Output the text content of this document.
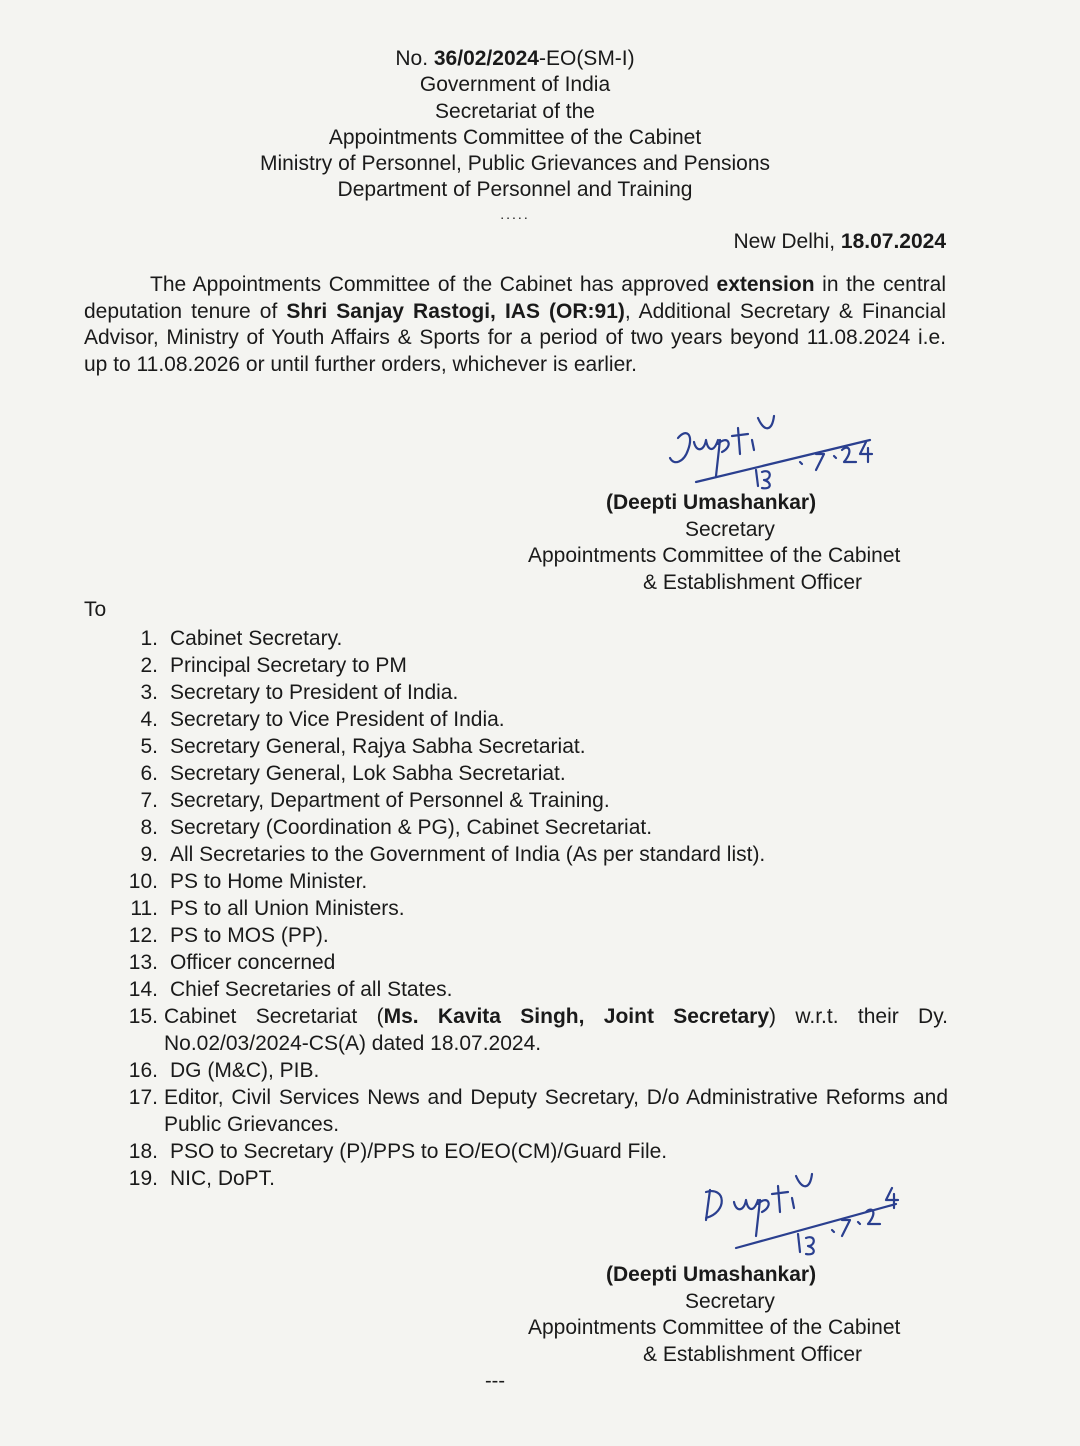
No. 36/02/2024-EO(SM-I)
Government of India
Secretariat of the
Appointments Committee of the Cabinet
Ministry of Personnel, Public Grievances and Pensions
Department of Personnel and Training
.....
New Delhi, 18.07.2024
The Appointments Committee of the Cabinet has approved extension in the central deputation tenure of Shri Sanjay Rastogi, IAS (OR:91), Additional Secretary & Financial Advisor, Ministry of Youth Affairs & Sports for a period of two years beyond 11.08.2024 i.e. up to 11.08.2026 or until further orders, whichever is earlier.
(Deepti Umashankar)
Secretary
Appointments Committee of the Cabinet
& Establishment Officer
To
1. Cabinet Secretary.
2. Principal Secretary to PM
3. Secretary to President of India.
4. Secretary to Vice President of India.
5. Secretary General, Rajya Sabha Secretariat.
6. Secretary General, Lok Sabha Secretariat.
7. Secretary, Department of Personnel & Training.
8. Secretary (Coordination & PG), Cabinet Secretariat.
9. All Secretaries to the Government of India (As per standard list).
10. PS to Home Minister.
11. PS to all Union Ministers.
12. PS to MOS (PP).
13. Officer concerned
14. Chief Secretaries of all States.
15. Cabinet Secretariat (Ms. Kavita Singh, Joint Secretary) w.r.t. their Dy. No.02/03/2024-CS(A) dated 18.07.2024.
16. DG (M&C), PIB.
17. Editor, Civil Services News and Deputy Secretary, D/o Administrative Reforms and Public Grievances.
18. PSO to Secretary (P)/PPS to EO/EO(CM)/Guard File.
19. NIC, DoPT.
(Deepti Umashankar)
Secretary
Appointments Committee of the Cabinet
& Establishment Officer
---
